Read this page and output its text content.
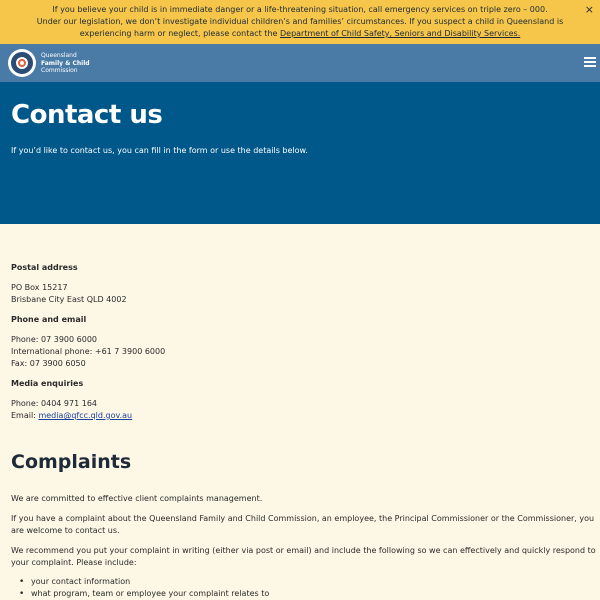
If you believe your child is in immediate danger or a life-threatening situation, call emergency services on triple zero – 000.
Under our legislation, we don’t investigate individual children’s and families’ circumstances. If you suspect a child in Queensland is experiencing harm or neglect, please contact the Department of Child Safety, Seniors and Disability Services.
×
Queensland
Family & Child
Commission
Contact us

If you’d like to contact us, you can fill in the form or use the details below.

Postal address
PO Box 15217
Brisbane City East QLD 4002
Phone and email
Phone: 07 3900 6000
International phone: +61 7 3900 6000
Fax: 07 3900 6050
Media enquiries
Phone: 0404 971 164
Email: media@qfcc.qld.gov.au
Complaints
We are committed to effective client complaints management.
If you have a complaint about the Queensland Family and Child Commission, an employee, the Principal Commissioner or the Commissioner, you are welcome to contact us.
We recommend you put your complaint in writing (either via post or email) and include the following so we can effectively and quickly respond to your complaint. Please include:
• your contact information
• what program, team or employee your complaint relates to
